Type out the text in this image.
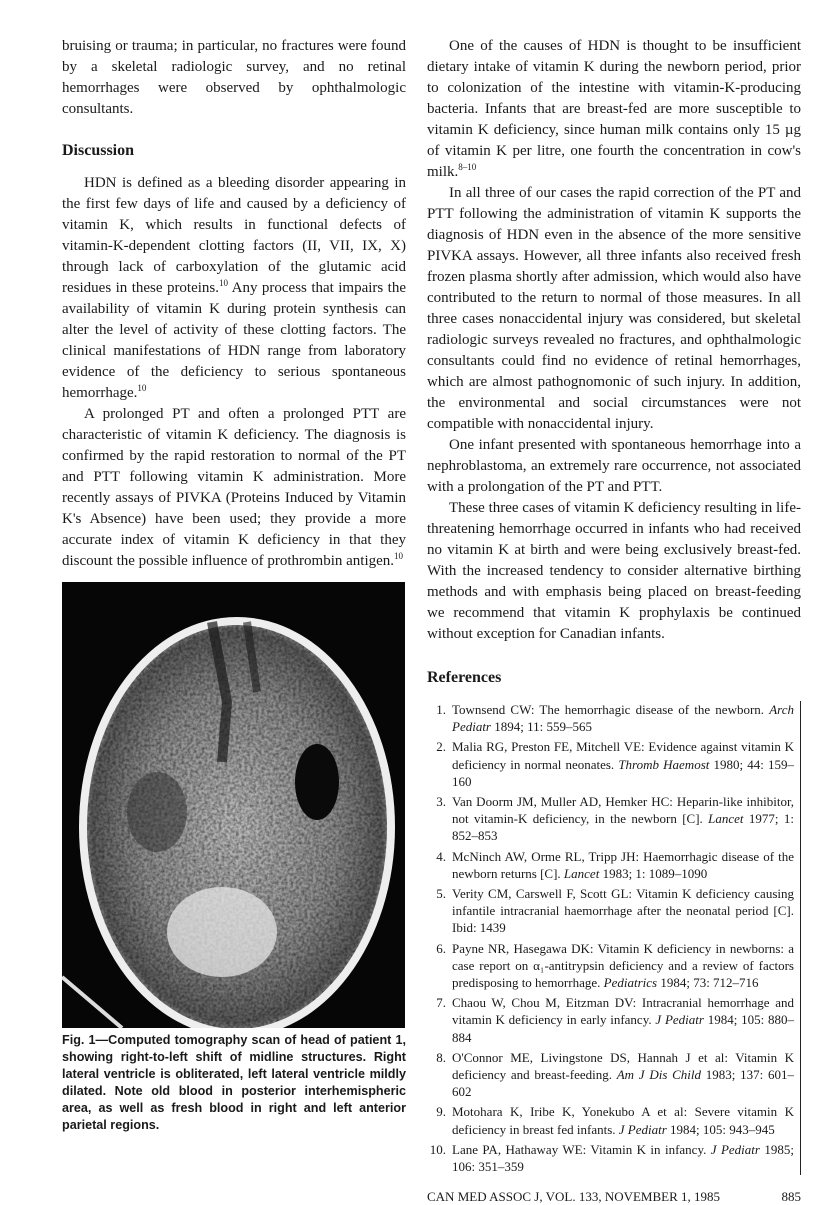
bruising or trauma; in particular, no fractures were found by a skeletal radiologic survey, and no retinal hemorrhages were observed by ophthalmologic consultants.

Discussion

HDN is defined as a bleeding disorder appearing in the first few days of life and caused by a deficiency of vitamin K, which results in functional defects of vitamin-K-dependent clotting factors (II, VII, IX, X) through lack of carboxylation of the glutamic acid residues in these proteins.$^{10}$ Any process that impairs the availability of vitamin K during protein synthesis can alter the level of activity of these clotting factors. The clinical manifestations of HDN range from laboratory evidence of the deficiency to serious spontaneous hemorrhage.$^{10}$

A prolonged PT and often a prolonged PTT are characteristic of vitamin K deficiency. The diagnosis is confirmed by the rapid restoration to normal of the PT and PTT following vitamin K administration. More recently assays of PIVKA (Proteins Induced by Vitamin K's Absence) have been used; they provide a more accurate index of vitamin K deficiency in that they discount the possible influence of prothrombin antigen.$^{10}$

Fig. 1—Computed tomography scan of head of patient 1, showing right-to-left shift of midline structures. Right lateral ventricle is obliterated, left lateral ventricle mildly dilated. Note old blood in posterior interhemispheric area, as well as fresh blood in right and left anterior parietal regions.

One of the causes of HDN is thought to be insufficient dietary intake of vitamin K during the newborn period, prior to colonization of the intestine with vitamin-K-producing bacteria. Infants that are breast-fed are more susceptible to vitamin K deficiency, since human milk contains only 15 µg of vitamin K per litre, one fourth the concentration in cow's milk.$^{8-10}$

In all three of our cases the rapid correction of the PT and PTT following the administration of vitamin K supports the diagnosis of HDN even in the absence of the more sensitive PIVKA assays. However, all three infants also received fresh frozen plasma shortly after admission, which would also have contributed to the return to normal of those measures. In all three cases nonaccidental injury was considered, but skeletal radiologic surveys revealed no fractures, and ophthalmologic consultants could find no evidence of retinal hemorrhages, which are almost pathognomonic of such injury. In addition, the environmental and social circumstances were not compatible with nonaccidental injury.

One infant presented with spontaneous hemorrhage into a nephroblastoma, an extremely rare occurrence, not associated with a prolongation of the PT and PTT.

These three cases of vitamin K deficiency resulting in life-threatening hemorrhage occurred in infants who had received no vitamin K at birth and were being exclusively breast-fed. With the increased tendency to consider alternative birthing methods and with emphasis being placed on breast-feeding we recommend that vitamin K prophylaxis be continued without exception for Canadian infants.

References
1. Townsend CW: The hemorrhagic disease of the newborn. Arch Pediatr 1894; 11: 559–565
2. Malia RG, Preston FE, Mitchell VE: Evidence against vitamin K deficiency in normal neonates. Thromb Haemost 1980; 44: 159–160
3. Van Doorm JM, Muller AD, Hemker HC: Heparin-like inhibitor, not vitamin-K deficiency, in the newborn [C]. Lancet 1977; 1: 852–853
4. McNinch AW, Orme RL, Tripp JH: Haemorrhagic disease of the newborn returns [C]. Lancet 1983; 1: 1089–1090
5. Verity CM, Carswell F, Scott GL: Vitamin K deficiency causing infantile intracranial haemorrhage after the neonatal period [C]. Ibid: 1439
6. Payne NR, Hasegawa DK: Vitamin K deficiency in newborns: a case report on α₁-antitrypsin deficiency and a review of factors predisposing to hemorrhage. Pediatrics 1984; 73: 712–716
7. Chaou W, Chou M, Eitzman DV: Intracranial hemorrhage and vitamin K deficiency in early infancy. J Pediatr 1984; 105: 880–884
8. O'Connor ME, Livingstone DS, Hannah J et al: Vitamin K deficiency and breast-feeding. Am J Dis Child 1983; 137: 601–602
9. Motohara K, Iribe K, Yonekubo A et al: Severe vitamin K deficiency in breast fed infants. J Pediatr 1984; 105: 943–945
10. Lane PA, Hathaway WE: Vitamin K in infancy. J Pediatr 1985; 106: 351–359
CAN MED ASSOC J, VOL. 133, NOVEMBER 1, 1985	885
